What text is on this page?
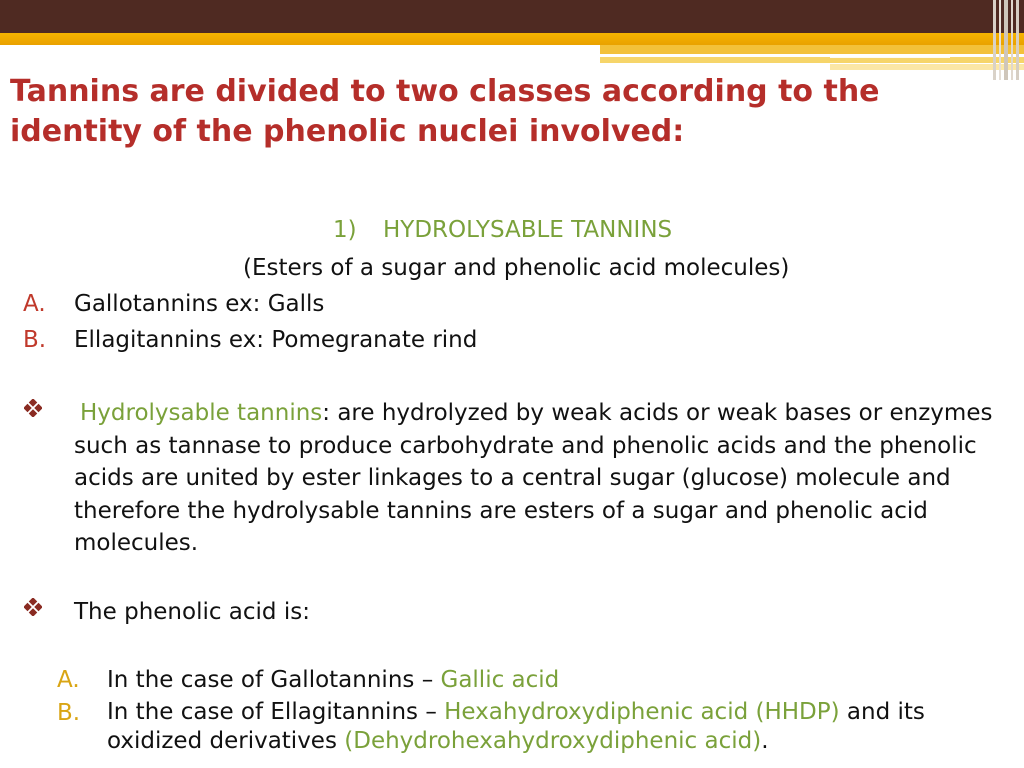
Tannins are divided to two classes according to the identity of the phenolic nuclei involved:
1) HYDROLYSABLE TANNINS
(Esters of a sugar and phenolic acid molecules)
A. Gallotannins ex: Galls
B. Ellagitannins ex: Pomegranate rind
Hydrolysable tannins: are hydrolyzed by weak acids or weak bases or enzymes such as tannase to produce carbohydrate and phenolic acids and the phenolic acids are united by ester linkages to a central sugar (glucose) molecule and therefore the hydrolysable tannins are esters of a sugar and phenolic acid molecules.
The phenolic acid is:
A. In the case of Gallotannins – Gallic acid
B. In the case of Ellagitannins – Hexahydroxydiphenic acid (HHDP) and its oxidized derivatives (Dehydrohexahydroxydiphenic acid).
